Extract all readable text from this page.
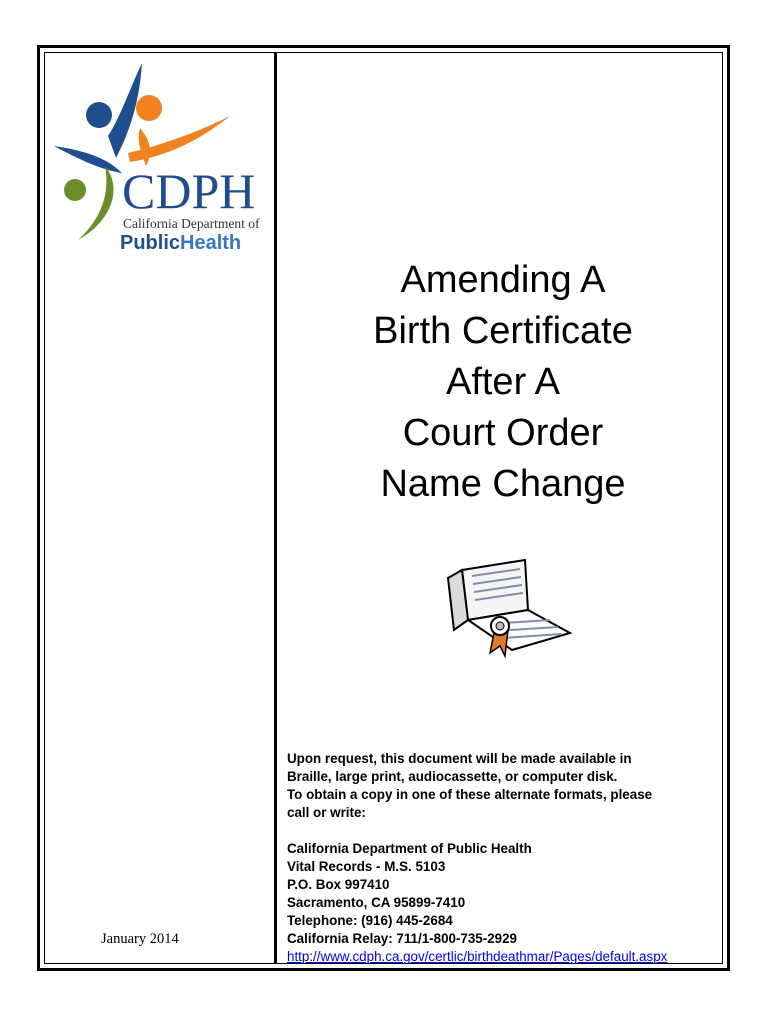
CDPH
California Department of
PublicHealth
Amending A
Birth Certificate
After A
Court Order
Name Change
Upon request, this document will be made available in
Braille, large print, audiocassette, or computer disk.
To obtain a copy in one of these alternate formats, please
call or write:
California Department of Public Health
Vital Records - M.S. 5103
P.O. Box 997410
Sacramento, CA 95899-7410
Telephone: (916) 445-2684
California Relay: 711/1-800-735-2929
http://www.cdph.ca.gov/certlic/birthdeathmar/Pages/default.aspx
January 2014
